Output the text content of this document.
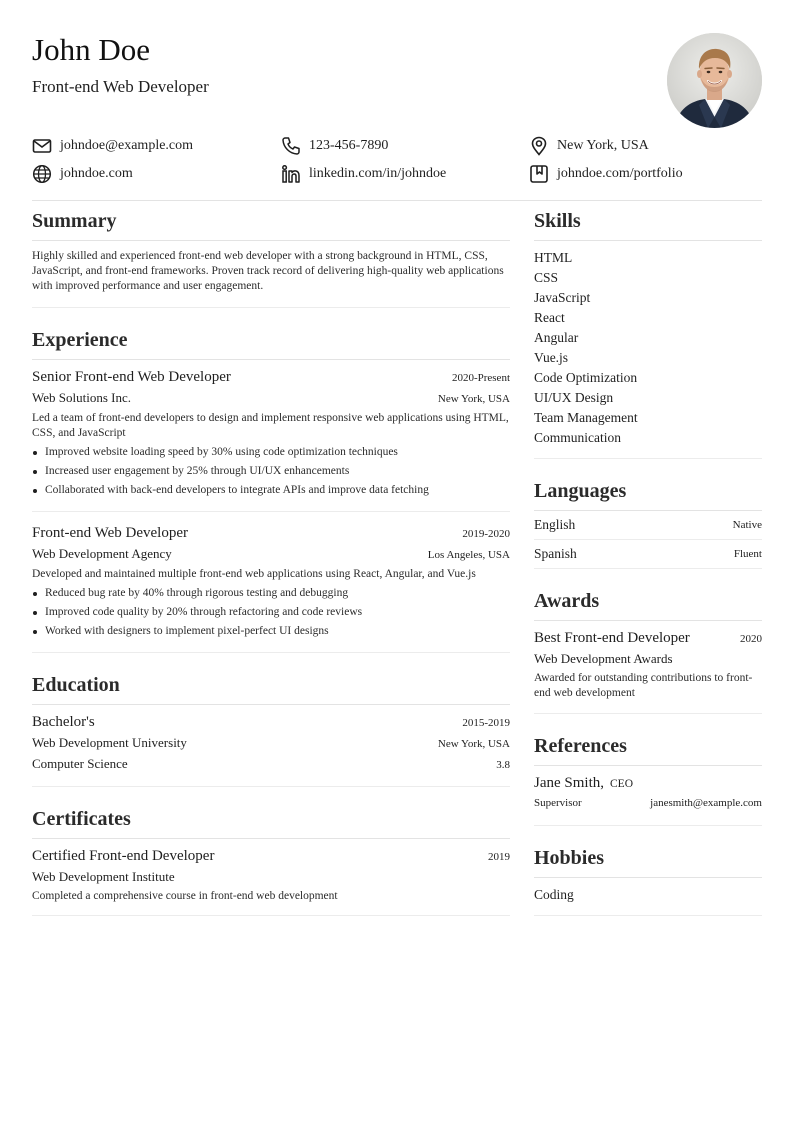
John Doe
Front-end Web Developer
johndoe@example.com	123-456-7890	New York, USA
johndoe.com	linkedin.com/in/johndoe	johndoe.com/portfolio
Summary

Highly skilled and experienced front-end web developer with a strong background in HTML, CSS, JavaScript, and front-end frameworks. Proven track record of delivering high-quality web applications with improved performance and user engagement.

Experience
Senior Front-end Web Developer	2020-Present
Web Solutions Inc.	New York, USA

Led a team of front-end developers to design and implement responsive web applications using HTML, CSS, and JavaScript

Improved website loading speed by 30% using code optimization techniques
Increased user engagement by 25% through UI/UX enhancements
Collaborated with back-end developers to integrate APIs and improve data fetching
Front-end Web Developer	2019-2020
Web Development Agency	Los Angeles, USA

Developed and maintained multiple front-end web applications using React, Angular, and Vue.js

Reduced bug rate by 40% through rigorous testing and debugging
Improved code quality by 20% through refactoring and code reviews
Worked with designers to implement pixel-perfect UI designs
Education
Bachelor's	2015-2019
Web Development University	New York, USA
Computer Science	3.8
Certificates
Certified Front-end Developer	2019
Web Development Institute

Completed a comprehensive course in front-end web development

Skills
HTML
CSS
JavaScript
React
Angular
Vue.js
Code Optimization
UI/UX Design
Team Management
Communication
Languages
English	Native
Spanish	Fluent
Awards
Best Front-end Developer	2020
Web Development Awards

Awarded for outstanding contributions to front-end web development

References
Jane Smith, CEO
Supervisor	janesmith@example.com
Hobbies
Coding
